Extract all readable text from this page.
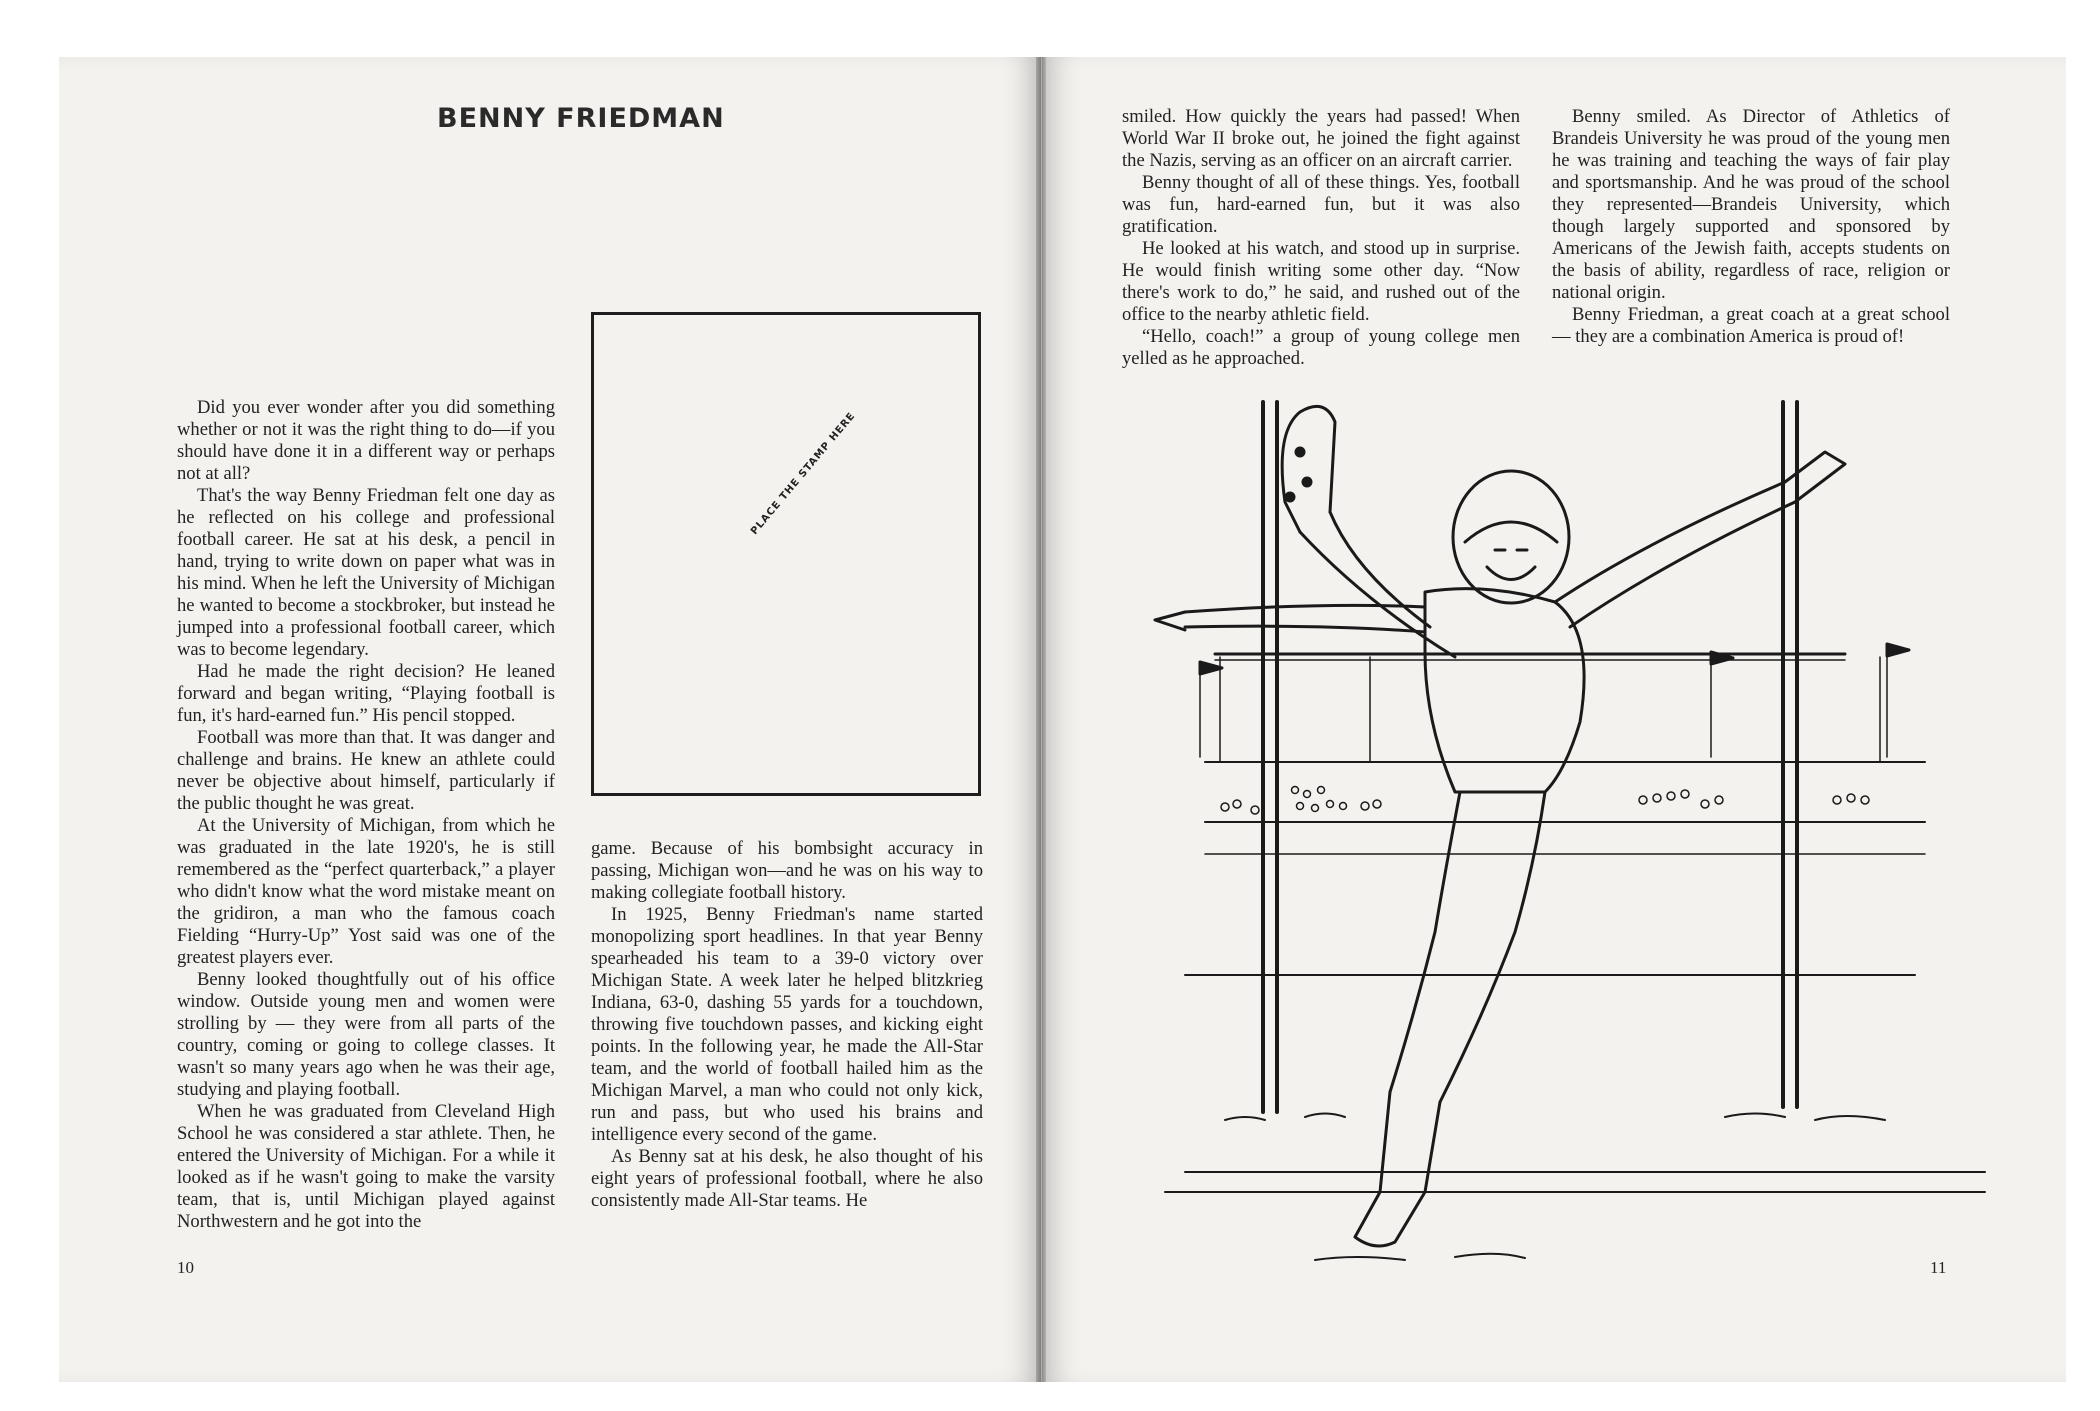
BENNY FRIEDMAN

Did you ever wonder after you did something whether or not it was the right thing to do—if you should have done it in a different way or perhaps not at all?

That's the way Benny Friedman felt one day as he reflected on his college and professional football career. He sat at his desk, a pencil in hand, trying to write down on paper what was in his mind. When he left the University of Michigan he wanted to become a stockbroker, but instead he jumped into a professional football career, which was to become legendary.

Had he made the right decision? He leaned forward and began writing, “Playing football is fun, it's hard-earned fun.” His pencil stopped.

Football was more than that. It was danger and challenge and brains. He knew an athlete could never be objective about himself, particularly if the public thought he was great.

At the University of Michigan, from which he was graduated in the late 1920's, he is still remembered as the “perfect quarterback,” a player who didn't know what the word mistake meant on the gridiron, a man who the famous coach Fielding “Hurry-Up” Yost said was one of the greatest players ever.

Benny looked thoughtfully out of his office window. Outside young men and women were strolling by — they were from all parts of the country, coming or going to college classes. It wasn't so many years ago when he was their age, studying and playing football.

When he was graduated from Cleveland High School he was considered a star athlete. Then, he entered the University of Michigan. For a while it looked as if he wasn't going to make the varsity team, that is, until Michigan played against Northwestern and he got into the

game. Because of his bombsight accuracy in passing, Michigan won—and he was on his way to making collegiate football history.

In 1925, Benny Friedman's name started monopolizing sport headlines. In that year Benny spearheaded his team to a 39-0 victory over Michigan State. A week later he helped blitzkrieg Indiana, 63-0, dashing 55 yards for a touchdown, throwing five touchdown passes, and kicking eight points. In the following year, he made the All-Star team, and the world of football hailed him as the Michigan Marvel, a man who could not only kick, run and pass, but who used his brains and intelligence every second of the game.

As Benny sat at his desk, he also thought of his eight years of professional football, where he also consistently made All-Star teams. He

PLACE THE STAMP HERE
10

smiled. How quickly the years had passed! When World War II broke out, he joined the fight against the Nazis, serving as an officer on an aircraft carrier.

Benny thought of all of these things. Yes, football was fun, hard-earned fun, but it was also gratification.

He looked at his watch, and stood up in surprise. He would finish writing some other day. “Now there's work to do,” he said, and rushed out of the office to the nearby athletic field.

“Hello, coach!” a group of young college men yelled as he approached.

Benny smiled. As Director of Athletics of Brandeis University he was proud of the young men he was training and teaching the ways of fair play and sportsmanship. And he was proud of the school they represented—Brandeis University, which though largely supported and sponsored by Americans of the Jewish faith, accepts students on the basis of ability, regardless of race, religion or national origin.

Benny Friedman, a great coach at a great school — they are a combination America is proud of!

11
